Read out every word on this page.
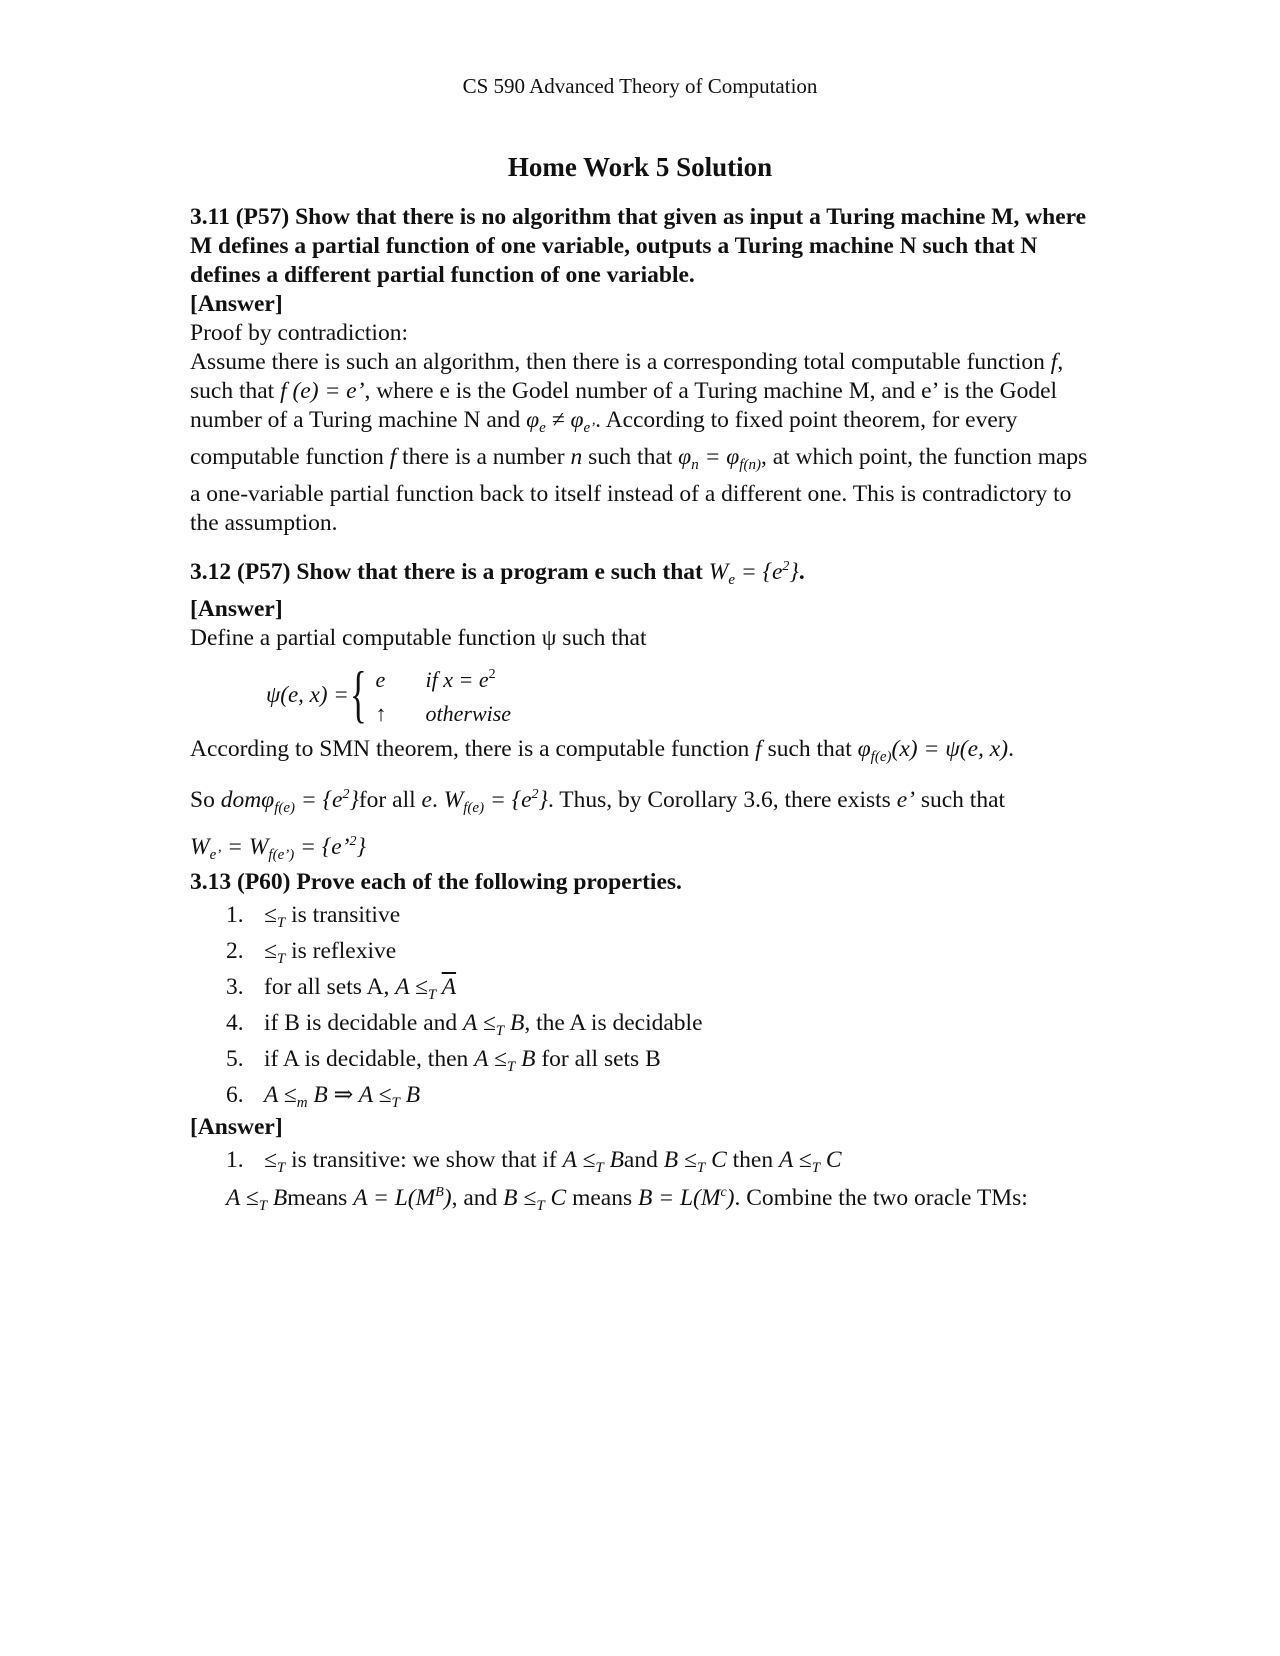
CS 590 Advanced Theory of Computation
Home Work 5 Solution
3.11 (P57) Show that there is no algorithm that given as input a Turing machine M, where M defines a partial function of one variable, outputs a Turing machine N such that N defines a different partial function of one variable.
[Answer]
Proof by contradiction:
Assume there is such an algorithm, then there is a corresponding total computable function f, such that f (e) = e’, where e is the Godel number of a Turing machine M, and e’ is the Godel number of a Turing machine N and $\varphi_e \ne \varphi_{e’}$. According to fixed point theorem, for every computable function f there is a number n such that $\varphi_n = \varphi_{f(n)}$, at which point, the function maps a one-variable partial function back to itself instead of a different one. This is contradictory to the assumption.
3.12 (P57) Show that there is a program e such that $W_e = \{e^2\}$.
[Answer]
Define a partial computable function ψ such that
ψ(e, x) = { e if x = e2
↑ otherwise
According to SMN theorem, there is a computable function f such that $\varphi_{f(e)}(x) = \psi(e$, x).
So $dom\varphi_{f(e)} = \{e^2\}for$ all e. $W_{f(e)} = \{e^2\}$. Thus, by Corollary 3.6, there exists e’ such that
$W_{e’} = W_{f(e’)}$ = {e’$^2$}
3.13 (P60) Prove each of the following properties.
1. $\le_T$ is transitive
2. $\le_T$ is reflexive
3. for all sets A, $A \le_T$ $\overline{A}$
4. if B is decidable and $A \le_T$ B, the A is decidable
5. if A is decidable, then $A \le_T$ B for all sets B
6. $A \le_m$ B ⇒ $A \le_T$ B
[Answer]
1. $\le_T$ is transitive: we show that if $A \le_T$ Band $B \le_T$ C then $A \le_T$ C
$A \le_T$ Bmeans $A = L(M^B)$, and $B \le_T$ C means $B = L(M^c)$. Combine the two oracle TMs:
